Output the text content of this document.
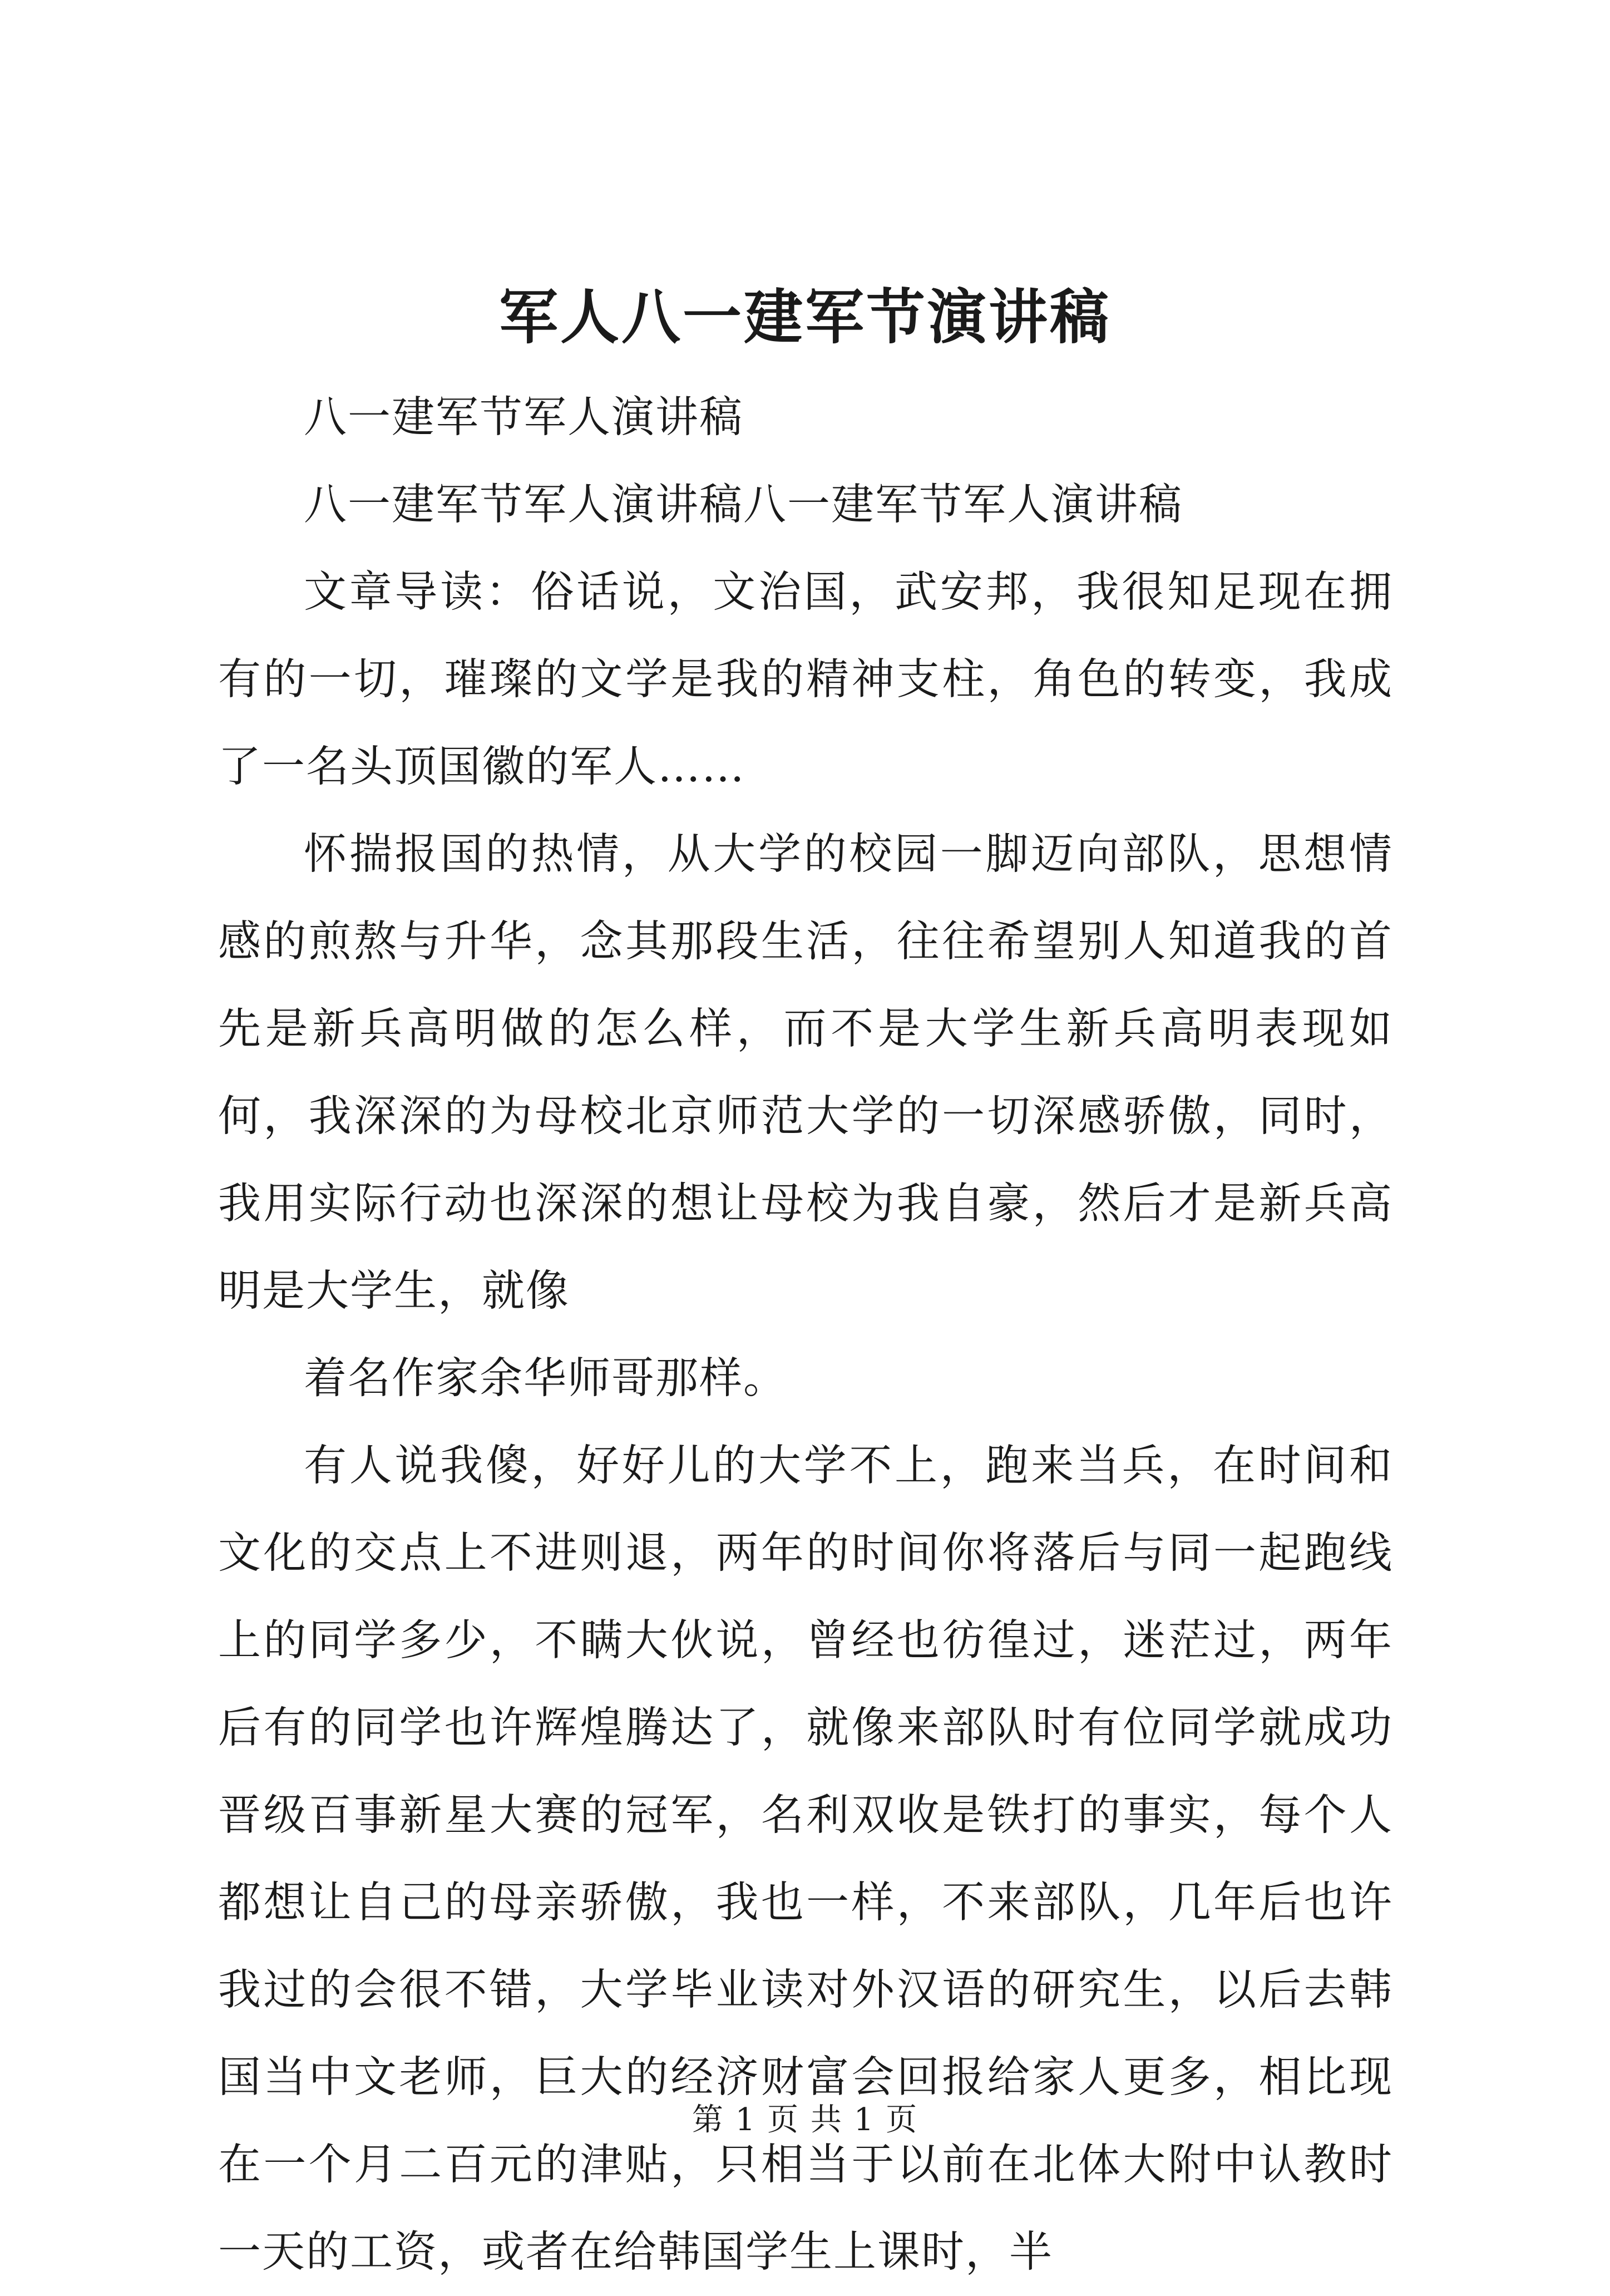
军人八一建军节演讲稿

八一建军节军人演讲稿

八一建军节军人演讲稿八一建军节军人演讲稿

文章导读：俗话说，文治国，武安邦，我很知足现在拥有的一切，璀璨的文学是我的精神支柱，角色的转变，我成了一名头顶国徽的军人……

怀揣报国的热情，从大学的校园一脚迈向部队，思想情感的煎熬与升华，念其那段生活，往往希望别人知道我的首先是新兵高明做的怎么样，而不是大学生新兵高明表现如何，我深深的为母校北京师范大学的一切深感骄傲，同时，我用实际行动也深深的想让母校为我自豪，然后才是新兵高明是大学生，就像

着名作家余华师哥那样。

有人说我傻，好好儿的大学不上，跑来当兵，在时间和文化的交点上不进则退，两年的时间你将落后与同一起跑线上的同学多少，不瞒大伙说，曾经也彷徨过，迷茫过，两年后有的同学也许辉煌腾达了，就像来部队时有位同学就成功晋级百事新星大赛的冠军，名利双收是铁打的事实，每个人都想让自己的母亲骄傲，我也一样，不来部队，几年后也许我过的会很不错，大学毕业读对外汉语的研究生，以后去韩国当中文老师，巨大的经济财富会回报给家人更多，相比现在一个月二百元的津贴，只相当于以前在北体大附中认教时一天的工资，或者在给韩国学生上课时，半

第 1 页 共 1 页
